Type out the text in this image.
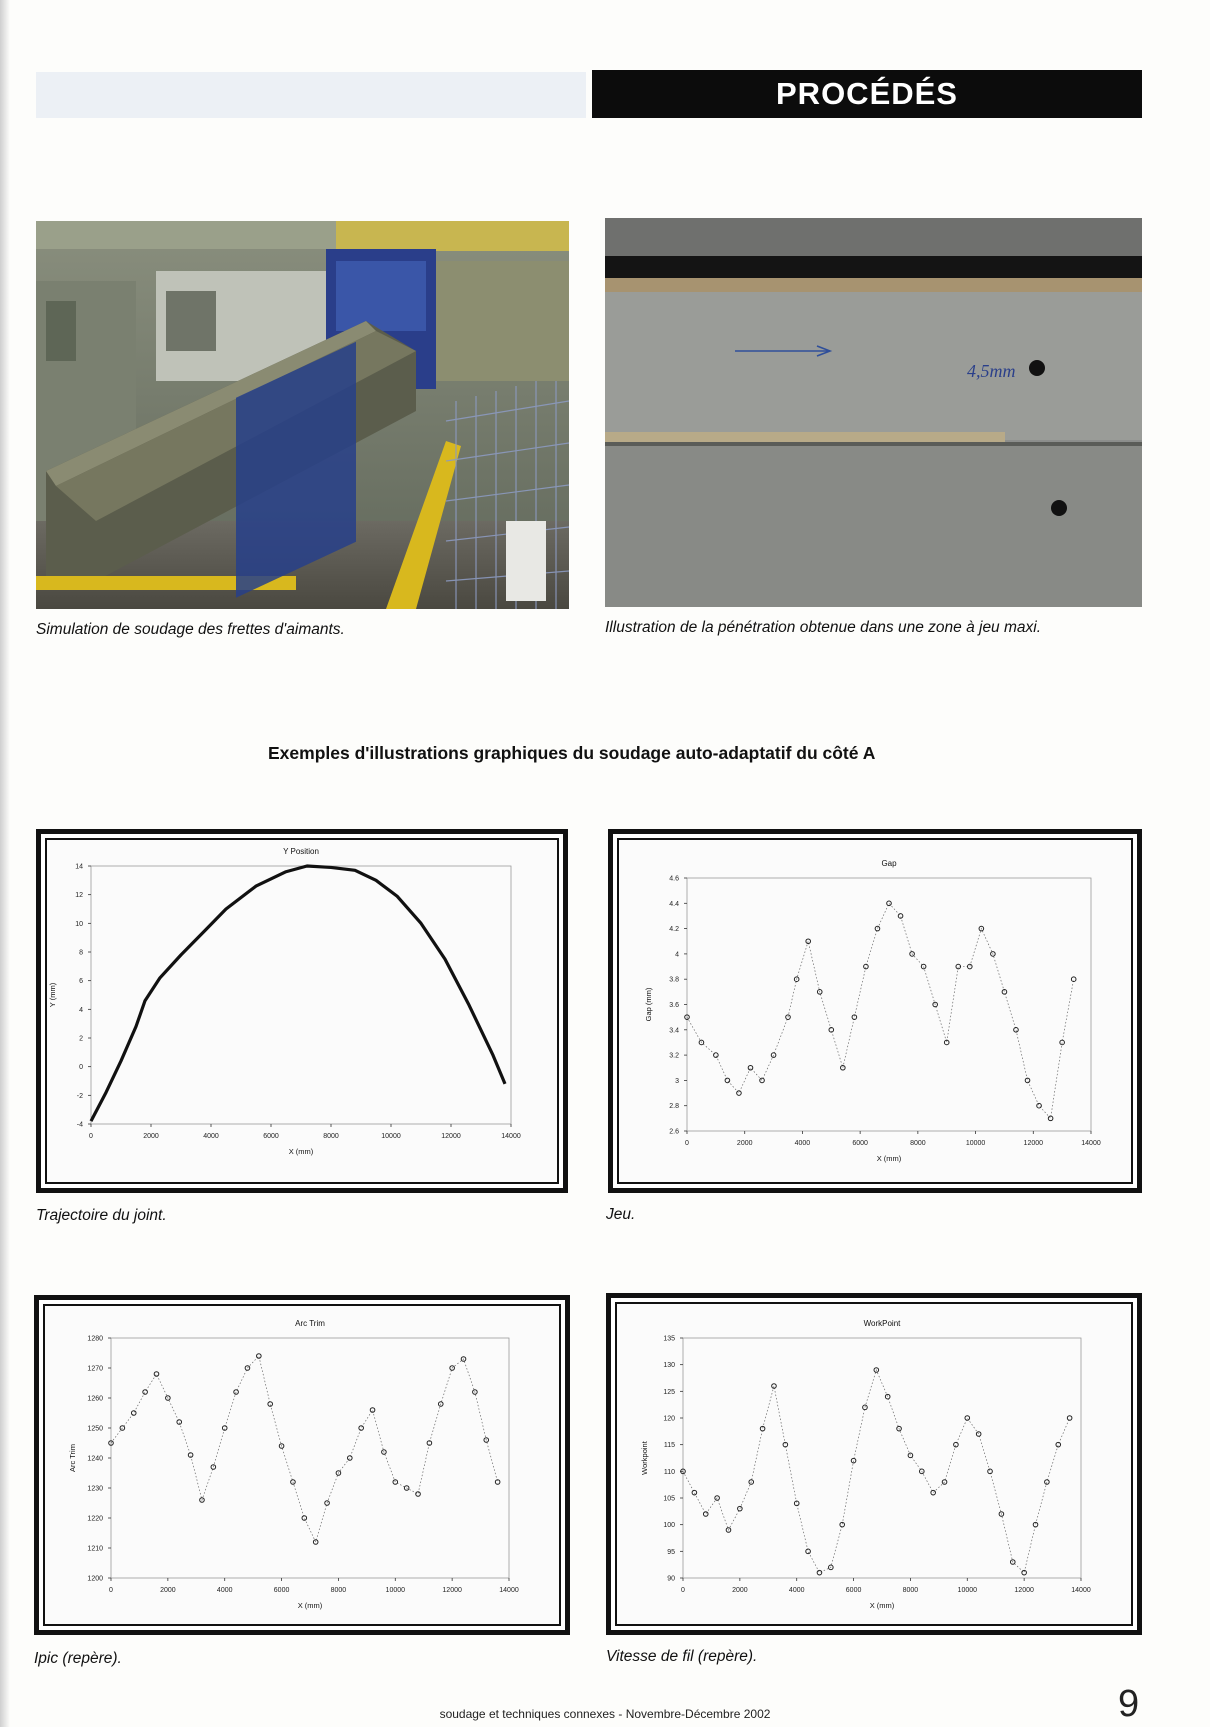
PROCÉDÉS
Simulation de soudage des frettes d'aimants.
4,5mm
Illustration de la pénétration obtenue dans une zone à jeu maxi.
Exemples d'illustrations graphiques du soudage auto-adaptatif du côté A
Y Position
0	2000	4000	6000	8000	10000	12000	14000
-4
-2
0
2
4
6
8
10
12
14
X (mm)
Y (mm)
Trajectoire du joint.
Gap
0	2000	4000	6000	8000	10000	12000	14000
2.6
2.8
3
3.2
3.4
3.6
3.8
4
4.2
4.4
4.6
X (mm)
Gap (mm)
Jeu.
Arc Trim
0	2000	4000	6000	8000	10000	12000	14000
1200
1210
1220
1230
1240
1250
1260
1270
1280
X (mm)
Arc Trim
Ipic (repère).
WorkPoint
0	2000	4000	6000	8000	10000	12000	14000
90
95
100
105
110
115
120
125
130
135
X (mm)
Workpoint
Vitesse de fil (repère).
soudage et techniques connexes - Novembre-Décembre 2002	9
